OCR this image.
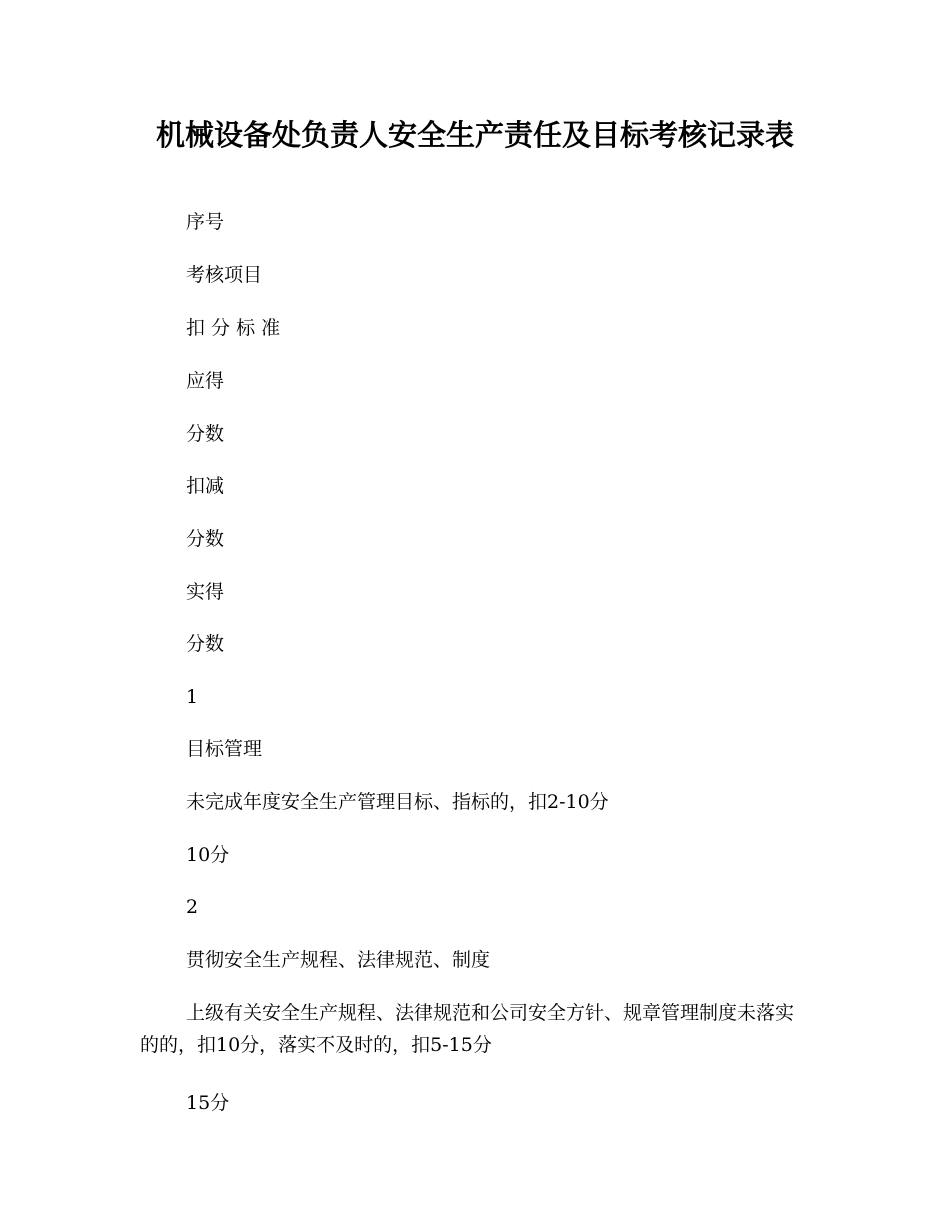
机械设备处负责人安全生产责任及目标考核记录表

序号

考核项目

扣 分 标 准

应得

分数

扣减

分数

实得

分数

1

目标管理

未完成年度安全生产管理目标、指标的，扣2-10分

10分

2

贯彻安全生产规程、法律规范、制度

上级有关安全生产规程、法律规范和公司安全方针、规章管理制度未落实的的，扣10分，落实不及时的，扣5-15分

15分
